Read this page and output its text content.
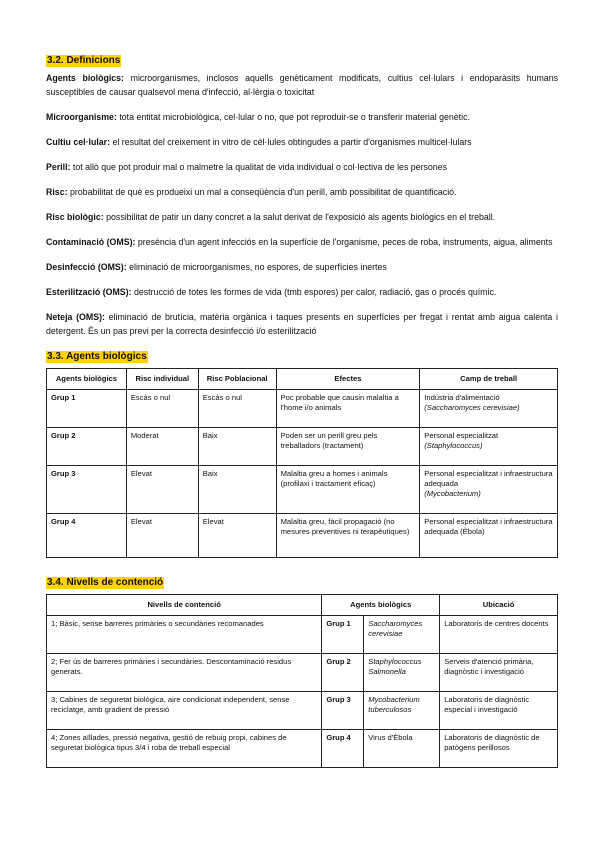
3.2. Definicions

Agents biològics: microorganismes, inclosos aquells genèticament modificats, cultius cel·lulars i endoparàsits humans susceptibles de causar qualsevol mena d'infecció, al·lèrgia o toxicitat

Microorganisme: tota entitat microbiològica, cel·lular o no, que pot reproduir-se o transferir material genètic.

Cultiu cel·lular: el resultat del creixement in vitro de cèl·lules obtingudes a partir d'organismes multicel·lulars

Perill: tot allò que pot produir mal o malmetre la qualitat de vida individual o col·lectiva de les persones

Risc: probabilitat de què es produeixi un mal a conseqüència d'un perill, amb possibilitat de quantificació.

Risc biològic: possibilitat de patir un dany concret a la salut derivat de l'exposició als agents biològics en el treball.

Contaminació (OMS): presència d'un agent infecciós en la superfície de l'organisme, peces de roba, instruments, aigua, aliments

Desinfecció (OMS): eliminació de microorganismes, no espores, de superfícies inertes

Esterilització (OMS): destrucció de totes les formes de vida (tmb espores) per calor, radiació, gas o procés químic.

Neteja (OMS): eliminació de brutícia, matèria orgànica i taques presents en superfícies per fregat i rentat amb aigua calenta i detergent. És un pas previ per la correcta desinfecció i/o esterilització

3.3. Agents biològics
Agents biològics	Risc individual	Risc Poblacional	Efectes	Camp de treball
Grup 1	Escàs o nul	Escàs o nul	Poc probable que causin malaltia a l'home i/o animals	Indústria d'alimentació
(Saccharomyces cerevisiae)
Grup 2	Moderat	Baix	Poden ser un perill greu pels treballadors (tractament)	Personal especialitzat
(Staphylococcus)
Grup 3	Elevat	Baix	Malaltia greu a homes i animals (profilaxi i tractament eficaç)	Personal especialitzat i infraestructura adequada
(Mycobacterium)
Grup 4	Elevat	Elevat	Malaltia greu, fàcil propagació (no mesures preventives ni terapèutiques)	Personal especialitzat i infraestructura adequada (Èbola)
3.4. Nivells de contenció
Nivells de contenció	Agents biològics		Ubicació
1; Bàsic, sense barreres primàries o secundàries recomanades	Grup 1	Saccharomyces cerevisiae	Laboratoris de centres docents
2; Fer ús de barreres primàries i secundàries. Descontaminació residus generats.	Grup 2	Staphylococcus Salmonella	Serveis d'atenció primària, diagnòstic i investigació
3; Cabines de seguretat biològica, aire condicionat independent, sense reciclatge, amb gradient de pressió	Grup 3	Mycobacterium tuberculosos	Laboratoris de diagnòstic especial i investigació
4; Zones aïllades, pressió negativa, gestió de rebuig propi, cabines de seguretat biològica tipus 3/4 i roba de treball especial	Grup 4	Virus d'Èbola	Laboratoris de diagnòstic de patògens perillosos
